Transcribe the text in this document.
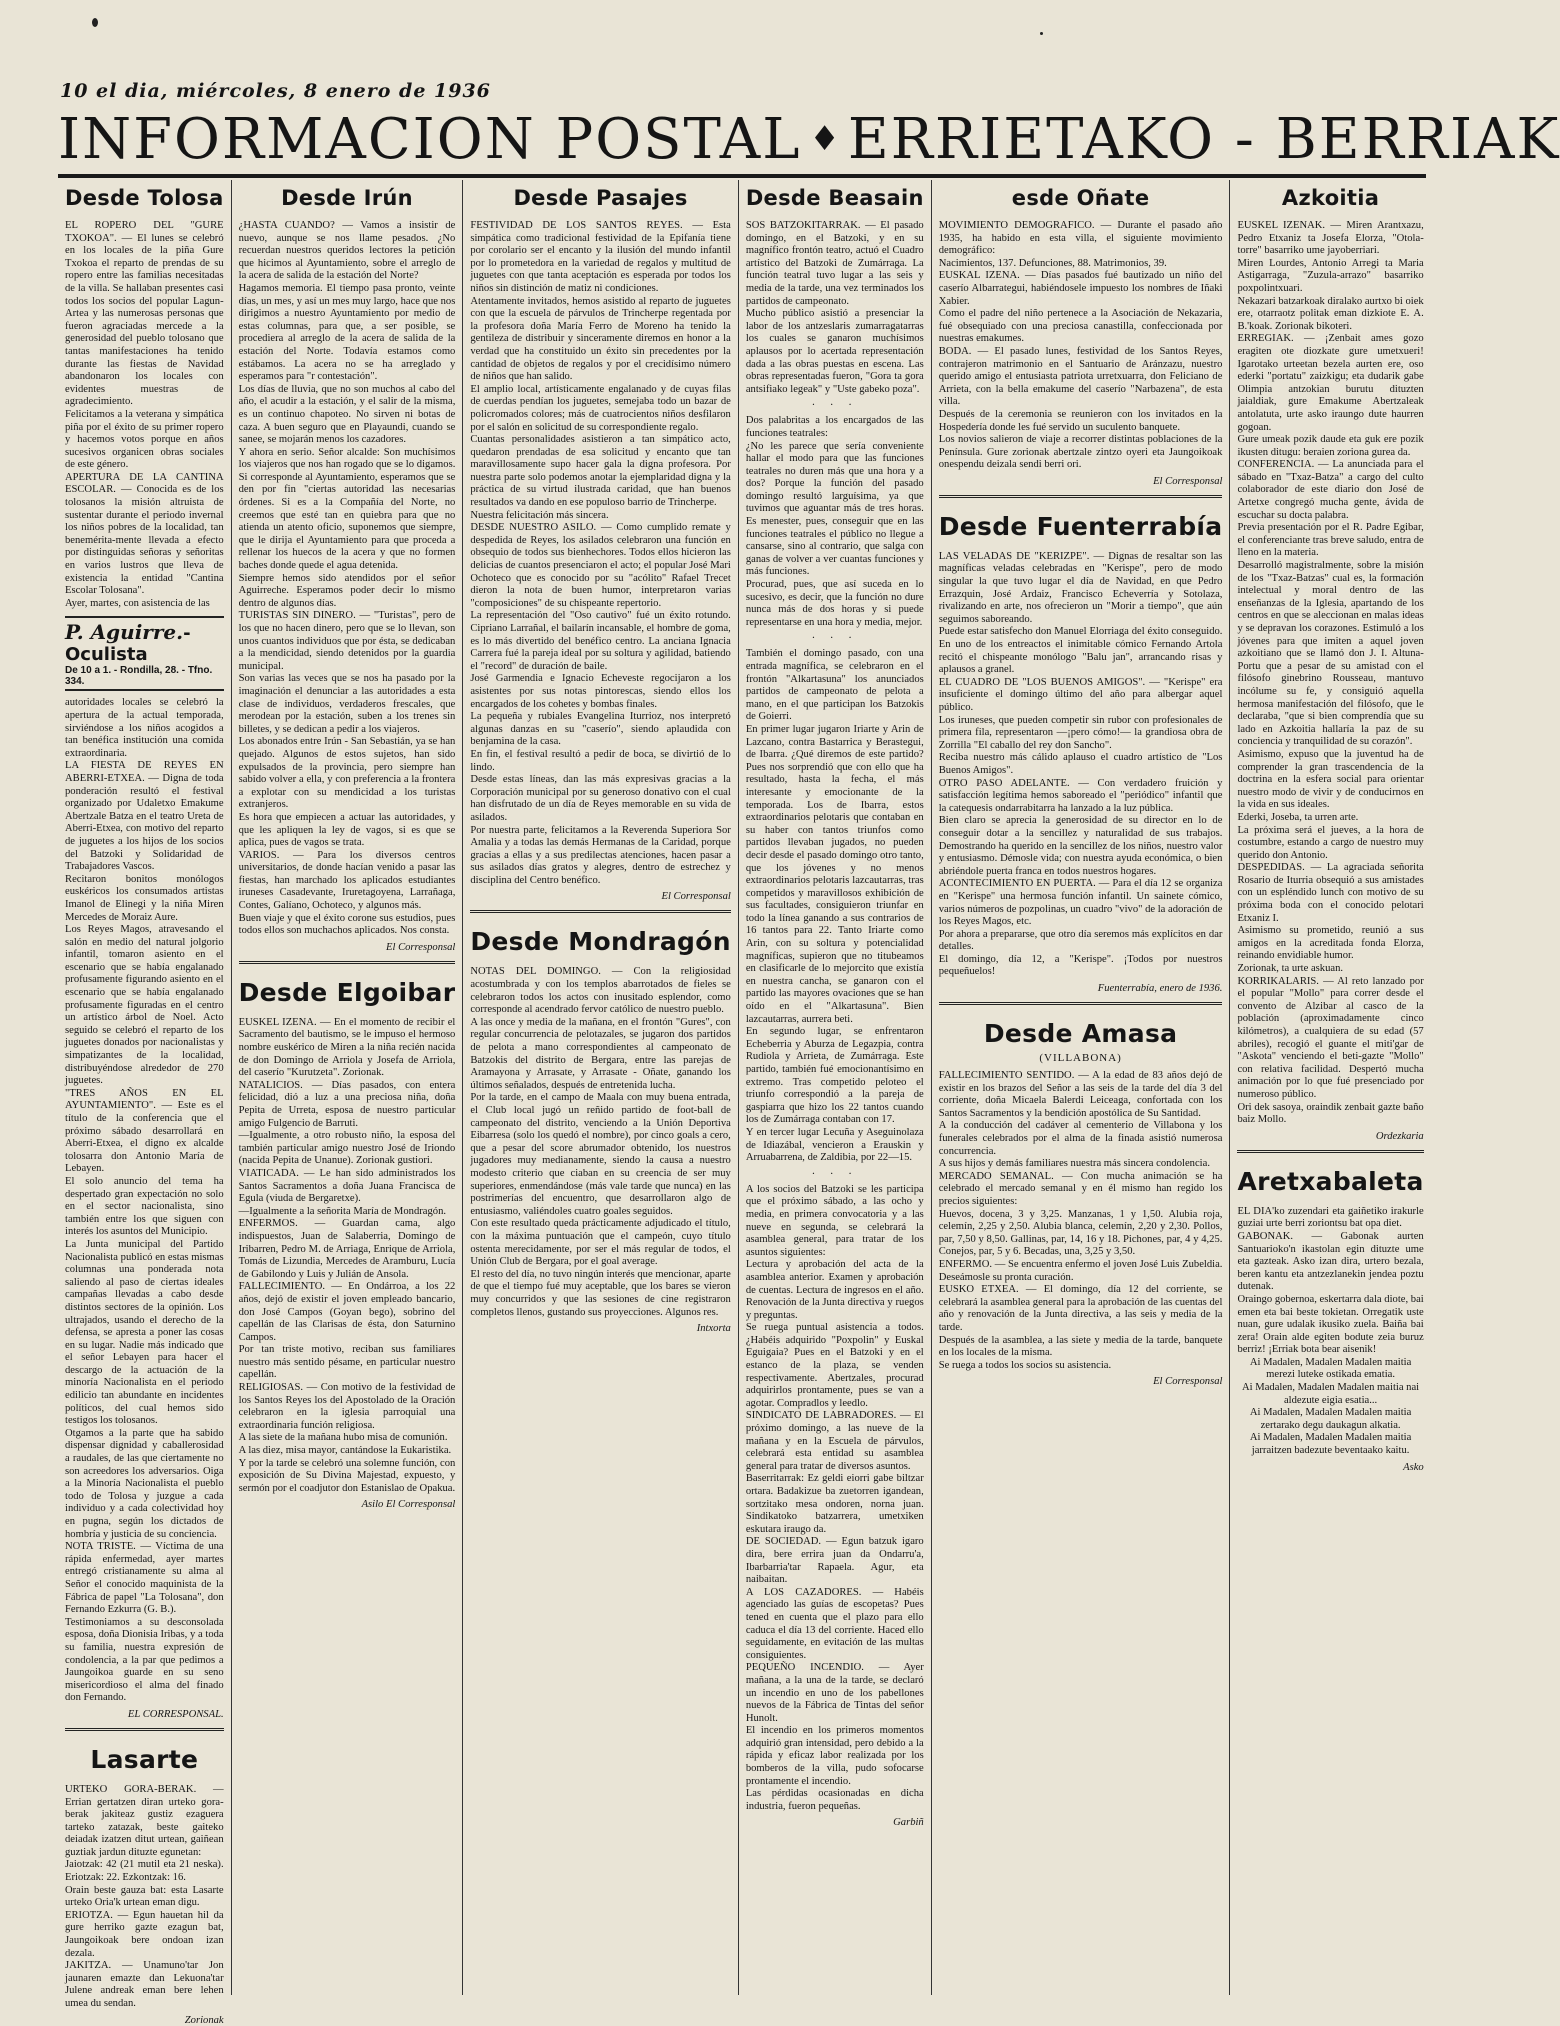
10 el dia, miércoles, 8 enero de 1936
INFORMACION POSTAL ♦ ERRIETAKO - BERRIAK
Desde Tolosa

EL ROPERO DEL "GURE TXOKOA". — El lunes se celebró en los locales de la piña Gure Txokoa el reparto de prendas de su ropero entre las familias necesitadas de la villa. Se hallaban presentes casi todos los socios del popular Lagun-Artea y las numerosas personas que fueron agraciadas mercede a la generosidad del pueblo tolosano que tantas manifestaciones ha tenido durante las fiestas de Navidad abandonaron los locales con evidentes muestras de agradecimiento.

Felicitamos a la veterana y simpática piña por el éxito de su primer ropero y hacemos votos porque en años sucesivos organicen obras sociales de este género.

APERTURA DE LA CANTINA ESCOLAR. — Conocida es de los tolosanos la misión altruista de sustentar durante el periodo invernal los niños pobres de la localidad, tan benemérita-mente llevada a efecto por distinguidas señoras y señoritas en varios lustros que lleva de existencia la entidad "Cantina Escolar Tolosana".

Ayer, martes, con asistencia de las

P. Aguirre.- Oculista
De 10 a 1. - Rondilla, 28. - Tfno. 334.

autoridades locales se celebró la apertura de la actual temporada, sirviéndose a los niños acogidos a tan benéfica institución una comida extraordinaria.

LA FIESTA DE REYES EN ABERRI-ETXEA. — Digna de toda ponderación resultó el festival organizado por Udaletxo Emakume Abertzale Batza en el teatro Ureta de Aberri-Etxea, con motivo del reparto de juguetes a los hijos de los socios del Batzoki y Solidaridad de Trabajadores Vascos.

Recitaron bonitos monólogos euskéricos los consumados artistas Imanol de Elinegi y la niña Miren Mercedes de Moraiz Aure.

Los Reyes Magos, atravesando el salón en medio del natural jolgorio infantil, tomaron asiento en el escenario que se había engalanado profusamente figurando asiento en el escenario que se había engalanado profusamente figuradas en el centro un artístico árbol de Noel. Acto seguido se celebró el reparto de los juguetes donados por nacionalistas y simpatizantes de la localidad, distribuyéndose alrededor de 270 juguetes.

"TRES AÑOS EN EL AYUNTAMIENTO". — Este es el título de la conferencia que el próximo sábado desarrollará en Aberri-Etxea, el digno ex alcalde tolosarra don Antonio María de Lebayen.

El solo anuncio del tema ha despertado gran expectación no solo en el sector nacionalista, sino también entre los que siguen con interés los asuntos del Municipio.

La Junta municipal del Partido Nacionalista publicó en estas mismas columnas una ponderada nota saliendo al paso de ciertas ideales campañas llevadas a cabo desde distintos sectores de la opinión. Los ultrajados, usando el derecho de la defensa, se apresta a poner las cosas en su lugar. Nadie más indicado que el señor Lebayen para hacer el descargo de la actuación de la minoría Nacionalista en el periodo edilicio tan abundante en incidentes políticos, del cual hemos sido testigos los tolosanos.

Otgamos a la parte que ha sabido dispensar dignidad y caballerosidad a raudales, de las que ciertamente no son acreedores los adversarios. Oiga a la Minoría Nacionalista el pueblo todo de Tolosa y juzgue a cada individuo y a cada colectividad hoy en pugna, según los dictados de hombría y justicia de su conciencia.

NOTA TRISTE. — Víctima de una rápida enfermedad, ayer martes entregó cristianamente su alma al Señor el conocido maquinista de la Fábrica de papel "La Tolosana", don Fernando Ezkurra (G. B.).

Testimoniamos a su desconsolada esposa, doña Dionisia Iribas, y a toda su familia, nuestra expresión de condolencia, a la par que pedimos a Jaungoikoa guarde en su seno misericordioso el alma del finado don Fernando.

EL CORRESPONSAL.
Lasarte

URTEKO GORA-BERAK. — Errian gertatzen diran urteko gora-berak jakiteaz gustiz ezaguera tarteko zatazak, beste gaiteko deiadak izatzen ditut urtean, gaiñean guztiak jardun dituzte egunetan:

Jaiotzak: 42 (21 mutil eta 21 neska). Eriotzak: 22. Ezkontzak: 16.

Orain beste gauza bat: esta Lasarte urteko Oria'k urtean eman digu.

ERIOTZA. — Egun hauetan hil da gure herriko gazte ezagun bat, Jaungoikoak bere ondoan izan dezala.

JAKITZA. — Unamuno'tar Jon jaunaren emazte dan Lekuona'tar Julene andreak eman bere lehen umea du sendan.

Zorionak
Desde Irún

¿HASTA CUANDO? — Vamos a insistir de nuevo, aunque se nos llame pesados. ¿No recuerdan nuestros queridos lectores la petición que hicimos al Ayuntamiento, sobre el arreglo de la acera de salida de la estación del Norte?

Hagamos memoria. El tiempo pasa pronto, veinte días, un mes, y así un mes muy largo, hace que nos dirigimos a nuestro Ayuntamiento por medio de estas columnas, para que, a ser posible, se procediera al arreglo de la acera de salida de la estación del Norte. Todavía estamos como estábamos. La acera no se ha arreglado y esperamos para "r contestación".

Los días de lluvia, que no son muchos al cabo del año, el acudir a la estación, y el salir de la misma, es un continuo chapoteo. No sirven ni botas de caza. A buen seguro que en Playaundi, cuando se sanee, se mojarán menos los cazadores.

Y ahora en serio. Señor alcalde: Son muchísimos los viajeros que nos han rogado que se lo digamos. Si corresponde al Ayuntamiento, esperamos que se den por fin "ciertas autoridad las necesarias órdenes. Si es a la Compañía del Norte, no creemos que esté tan en quiebra para que no atienda un atento oficio, suponemos que siempre, que le dirija el Ayuntamiento para que proceda a rellenar los huecos de la acera y que no formen baches donde quede el agua detenida.

Siempre hemos sido atendidos por el señor Aguirreche. Esperamos poder decir lo mismo dentro de algunos días.

TURISTAS SIN DINERO. — "Turistas", pero de los que no hacen dinero, pero que se lo llevan, son unos cuantos individuos que por ésta, se dedicaban a la mendicidad, siendo detenidos por la guardia municipal.

Son varias las veces que se nos ha pasado por la imaginación el denunciar a las autoridades a esta clase de individuos, verdaderos frescales, que merodean por la estación, suben a los trenes sin billetes, y se dedican a pedir a los viajeros.

Los abonados entre Irún - San Sebastián, ya se han quejado. Algunos de estos sujetos, han sido expulsados de la provincia, pero siempre han sabido volver a ella, y con preferencia a la frontera a explotar con su mendicidad a los turistas extranjeros.

Es hora que empiecen a actuar las autoridades, y que les apliquen la ley de vagos, si es que se aplica, pues de vagos se trata.

VARIOS. — Para los diversos centros universitarios, de donde hacían venido a pasar las fiestas, han marchado los aplicados estudiantes iruneses Casadevante, Iruretagoyena, Larrañaga, Contes, Galíano, Ochoteco, y algunos más.

Buen viaje y que el éxito corone sus estudios, pues todos ellos son muchachos aplicados. Nos consta.

El Corresponsal
Desde Elgoibar

EUSKEL IZENA. — En el momento de recibir el Sacramento del bautismo, se le impuso el hermoso nombre euskérico de Miren a la niña recién nacida de don Domingo de Arriola y Josefa de Arriola, del caserío "Kurutzeta". Zorionak.

NATALICIOS. — Días pasados, con entera felicidad, dió a luz a una preciosa niña, doña Pepita de Urreta, esposa de nuestro particular amigo Fulgencio de Barruti.

—Igualmente, a otro robusto niño, la esposa del también particular amigo nuestro José de Iriondo (nacida Pepita de Unanue). Zorionak gustiori.

VIATICADA. — Le han sido administrados los Santos Sacramentos a doña Juana Francisca de Egula (viuda de Bergaretxe).

—Igualmente a la señorita María de Mondragón.

ENFERMOS. — Guardan cama, algo indispuestos, Juan de Salaberria, Domingo de Iribarren, Pedro M. de Arriaga, Enrique de Arriola, Tomás de Lizundia, Mercedes de Aramburu, Lucía de Gabilondo y Luis y Julián de Ansola.

FALLECIMIENTO. — En Ondárroa, a los 22 años, dejó de existir el joven empleado bancario, don José Campos (Goyan bego), sobrino del capellán de las Clarisas de ésta, don Saturnino Campos.

Por tan triste motivo, reciban sus familiares nuestro más sentido pésame, en particular nuestro capellán.

RELIGIOSAS. — Con motivo de la festividad de los Santos Reyes los del Apostolado de la Oración celebraron en la iglesia parroquial una extraordinaria función religiosa.

A las siete de la mañana hubo misa de comunión.

A las diez, misa mayor, cantándose la Eukaristika.

Y por la tarde se celebró una solemne función, con exposición de Su Divina Majestad, expuesto, y sermón por el coadjutor don Estanislao de Opakua.

Asilo El Corresponsal
Desde Pasajes

FESTIVIDAD DE LOS SANTOS REYES. — Esta simpática como tradicional festividad de la Epifanía tiene por corolario ser el encanto y la ilusión del mundo infantil por lo prometedora en la variedad de regalos y multitud de juguetes con que tanta aceptación es esperada por todos los niños sin distinción de matiz ni condiciones.

Atentamente invitados, hemos asistido al reparto de juguetes con que la escuela de párvulos de Trincherpe regentada por la profesora doña María Ferro de Moreno ha tenido la gentileza de distribuir y sinceramente diremos en honor a la verdad que ha constituido un éxito sin precedentes por la cantidad de objetos de regalos y por el crecidísimo número de niños que han salido.

El amplio local, artísticamente engalanado y de cuyas filas de cuerdas pendían los juguetes, semejaba todo un bazar de policromados colores; más de cuatrocientos niños desfilaron por el salón en solicitud de su correspondiente regalo.

Cuantas personalidades asistieron a tan simpático acto, quedaron prendadas de esa solicitud y encanto que tan maravillosamente supo hacer gala la digna profesora. Por nuestra parte solo podemos anotar la ejemplaridad digna y la práctica de su virtud ilustrada caridad, que han buenos resultados va dando en ese populoso barrio de Trincherpe.

Nuestra felicitación más sincera.

DESDE NUESTRO ASILO. — Como cumplido remate y despedida de Reyes, los asilados celebraron una función en obsequio de todos sus bienhechores. Todos ellos hicieron las delicias de cuantos presenciaron el acto; el popular José Mari Ochoteco que es conocido por su "acólito" Rafael Trecet dieron la nota de buen humor, interpretaron varias "composiciones" de su chispeante repertorio.

La representación del "Oso cautivo" fué un éxito rotundo. Cipriano Larrañal, el bailarín incansable, el hombre de goma, es lo más divertido del benéfico centro. La anciana Ignacia Carrera fué la pareja ideal por su soltura y agilidad, batiendo el "record" de duración de baile.

José Garmendia e Ignacio Echeveste regocijaron a los asistentes por sus notas pintorescas, siendo ellos los encargados de los cohetes y bombas finales.

La pequeña y rubiales Evangelina Iturrioz, nos interpretó algunas danzas en su "caserío", siendo aplaudida con benjamina de la casa.

En fin, el festival resultó a pedir de boca, se divirtió de lo lindo.

Desde estas líneas, dan las más expresivas gracias a la Corporación municipal por su generoso donativo con el cual han disfrutado de un día de Reyes memorable en su vida de asilados.

Por nuestra parte, felicitamos a la Reverenda Superiora Sor Amalia y a todas las demás Hermanas de la Caridad, porque gracias a ellas y a sus predilectas atenciones, hacen pasar a sus asilados días gratos y alegres, dentro de estrechez y disciplina del Centro benéfico.

El Corresponsal
Desde Mondragón

NOTAS DEL DOMINGO. — Con la religiosidad acostumbrada y con los templos abarrotados de fieles se celebraron todos los actos con inusitado esplendor, como corresponde al acendrado fervor católico de nuestro pueblo.

A las once y media de la mañana, en el frontón "Gures", con regular concurrencia de pelotazales, se jugaron dos partidos de pelota a mano correspondientes al campeonato de Batzokis del distrito de Bergara, entre las parejas de Aramayona y Arrasate, y Arrasate - Oñate, ganando los últimos señalados, después de entretenida lucha.

Por la tarde, en el campo de Maala con muy buena entrada, el Club local jugó un reñido partido de foot-ball de campeonato del distrito, venciendo a la Unión Deportiva Eibarresa (solo los quedó el nombre), por cinco goals a cero, que a pesar del score abrumador obtenido, los nuestros jugadores muy medianamente, siendo la causa a nuestro modesto criterio que ciaban en su creencia de ser muy superiores, enmendándose (más vale tarde que nunca) en las postrimerías del encuentro, que desarrollaron algo de entusiasmo, valiéndoles cuatro goales seguidos.

Con este resultado queda prácticamente adjudicado el título, con la máxima puntuación que el campeón, cuyo título ostenta merecidamente, por ser el más regular de todos, el Unión Club de Bergara, por el goal average.

El resto del día, no tuvo ningún interés que mencionar, aparte de que el tiempo fué muy aceptable, que los bares se vieron muy concurridos y que las sesiones de cine registraron completos llenos, gustando sus proyecciones. Algunos res.

Intxorta
Desde Beasain

SOS BATZOKITARRAK. — El pasado domingo, en el Batzoki, y en su magnífico frontón teatro, actuó el Cuadro artístico del Batzoki de Zumárraga. La función teatral tuvo lugar a las seis y media de la tarde, una vez terminados los partidos de campeonato.

Mucho público asistió a presenciar la labor de los antzeslaris zumarragatarras los cuales se ganaron muchísimos aplausos por lo acertada representación dada a las obras puestas en escena. Las obras representadas fueron, "Gora ta gora antsifiako legeak" y "Uste gabeko poza".

· · ·

Dos palabritas a los encargados de las funciones teatrales:

¿No les parece que sería conveniente hallar el modo para que las funciones teatrales no duren más que una hora y a dos? Porque la función del pasado domingo resultó larguísima, ya que tuvimos que aguantar más de tres horas. Es menester, pues, conseguir que en las funciones teatrales el público no llegue a cansarse, sino al contrario, que salga con ganas de volver a ver cuantas funciones y más funciones.

Procurad, pues, que así suceda en lo sucesivo, es decir, que la función no dure nunca más de dos horas y si puede representarse en una hora y media, mejor.

· · ·

También el domingo pasado, con una entrada magnífica, se celebraron en el frontón "Alkartasuna" los anunciados partidos de campeonato de pelota a mano, en el que participan los Batzokis de Goierri.

En primer lugar jugaron Iriarte y Arin de Lazcano, contra Bastarrica y Berastegui, de Ibarra. ¿Qué diremos de este partido? Pues nos sorprendió que con ello que ha resultado, hasta la fecha, el más interesante y emocionante de la temporada. Los de Ibarra, estos extraordinarios pelotaris que contaban en su haber con tantos triunfos como partidos llevaban jugados, no pueden decir desde el pasado domingo otro tanto, que los jóvenes y no menos extraordinarios pelotaris lazcautarras, tras competidos y maravillosos exhibición de sus facultades, consiguieron triunfar en todo la línea ganando a sus contrarios de 16 tantos para 22. Tanto Iriarte como Arin, con su soltura y potencialidad magníficas, supieron que no titubeamos en clasificarle de lo mejorcito que existía en nuestra cancha, se ganaron con el partido las mayores ovaciones que se han oído en el "Alkartasuna". Bien lazcautarras, aurrera beti.

En segundo lugar, se enfrentaron Echeberria y Aburza de Legazpia, contra Rudiola y Arrieta, de Zumárraga. Este partido, también fué emocionantísimo en extremo. Tras competido peloteo el triunfo correspondió a la pareja de gaspiarra que hizo los 22 tantos cuando los de Zumárraga contaban con 17.

Y en tercer lugar Lecuña y Aseguinolaza de Idiazábal, vencieron a Erauskin y Arruabarrena, de Zaldibia, por 22—15.

· · ·

A los socios del Batzoki se les participa que el próximo sábado, a las ocho y media, en primera convocatoria y a las nueve en segunda, se celebrará la asamblea general, para tratar de los asuntos siguientes:

Lectura y aprobación del acta de la asamblea anterior. Examen y aprobación de cuentas. Lectura de ingresos en el año. Renovación de la Junta directiva y ruegos y preguntas.

Se ruega puntual asistencia a todos. ¿Habéis adquirido "Poxpolin" y Euskal Eguigaia? Pues en el Batzoki y en el estanco de la plaza, se venden respectivamente. Abertzales, procurad adquirirlos prontamente, pues se van a agotar. Compradlos y leedlo.

SINDICATO DE LABRADORES. — El próximo domingo, a las nueve de la mañana y en la Escuela de párvulos, celebrará esta entidad su asamblea general para tratar de diversos asuntos.

Baserritarrak: Ez geldi eiorri gabe biltzar ortara. Badakizue ba zuetorren igandean, sortzitako mesa ondoren, norna juan. Sindikatoko batzarrera, umetxiken eskutara iraugo da.

DE SOCIEDAD. — Egun batzuk igaro dira, bere errira juan da Ondarru'a, Ibarbarria'tar Rapaela. Agur, eta naibaitan.

A LOS CAZADORES. — Habéis agenciado las guías de escopetas? Pues tened en cuenta que el plazo para ello caduca el día 13 del corriente. Haced ello seguidamente, en evitación de las multas consiguientes.

PEQUEÑO INCENDIO. — Ayer mañana, a la una de la tarde, se declaró un incendio en uno de los pabellones nuevos de la Fábrica de Tintas del señor Hunolt.

El incendio en los primeros momentos adquirió gran intensidad, pero debido a la rápida y eficaz labor realizada por los bomberos de la villa, pudo sofocarse prontamente el incendio.

Las pérdidas ocasionadas en dicha industria, fueron pequeñas.

Garbiñ
esde Oñate

MOVIMIENTO DEMOGRAFICO. — Durante el pasado año 1935, ha habido en esta villa, el siguiente movimiento demográfico:

Nacimientos, 137. Defunciones, 88. Matrimonios, 39.

EUSKAL IZENA. — Días pasados fué bautizado un niño del caserío Albarrategui, habiéndosele impuesto los nombres de Iñaki Xabier.

Como el padre del niño pertenece a la Asociación de Nekazaria, fué obsequiado con una preciosa canastilla, confeccionada por nuestras emakumes.

BODA. — El pasado lunes, festividad de los Santos Reyes, contrajeron matrimonio en el Santuario de Aránzazu, nuestro querido amigo el entusiasta patriota urretxuarra, don Feliciano de Arrieta, con la bella emakume del caserío "Narbazena", de esta villa.

Después de la ceremonia se reunieron con los invitados en la Hospedería donde les fué servido un suculento banquete.

Los novios salieron de viaje a recorrer distintas poblaciones de la Península. Gure zorionak abertzale zintzo oyeri eta Jaungoikoak onespendu deizala sendi berri ori.

El Corresponsal
Desde Fuenterrabía

LAS VELADAS DE "KERIZPE". — Dignas de resaltar son las magníficas veladas celebradas en "Kerispe", pero de modo singular la que tuvo lugar el día de Navidad, en que Pedro Errazquin, José Ardaiz, Francisco Echeverría y Sotolaza, rivalizando en arte, nos ofrecieron un "Morir a tiempo", que aún seguimos saboreando.

Puede estar satisfecho don Manuel Elorriaga del éxito conseguido. En uno de los entreactos el inimitable cómico Fernando Artola recitó el chispeante monólogo "Balu jan", arrancando risas y aplausos a granel.

EL CUADRO DE "LOS BUENOS AMIGOS". — "Kerispe" era insuficiente el domingo último del año para albergar aquel público.

Los iruneses, que pueden competir sin rubor con profesionales de primera fila, representaron —¡pero cómo!— la grandiosa obra de Zorrilla "El caballo del rey don Sancho".

Reciba nuestro más cálido aplauso el cuadro artístico de "Los Buenos Amigos".

OTRO PASO ADELANTE. — Con verdadero fruición y satisfacción legítima hemos saboreado el "periódico" infantil que la catequesis ondarrabitarra ha lanzado a la luz pública.

Bien claro se aprecia la generosidad de su director en lo de conseguir dotar a la sencillez y naturalidad de sus trabajos. Demostrando ha querido en la sencillez de los niños, nuestro valor y entusiasmo. Démosle vida; con nuestra ayuda económica, o bien abriéndole puerta franca en todos nuestros hogares.

ACONTECIMIENTO EN PUERTA. — Para el día 12 se organiza en "Kerispe" una hermosa función infantil. Un sainete cómico, varios números de pozpolinas, un cuadro "vivo" de la adoración de los Reyes Magos, etc.

Por ahora a prepararse, que otro día seremos más explícitos en dar detalles.

El domingo, día 12, a "Kerispe". ¡Todos por nuestros pequeñuelos!

Fuenterrabía, enero de 1936.
Desde Amasa
(VILLABONA)

FALLECIMIENTO SENTIDO. — A la edad de 83 años dejó de existir en los brazos del Señor a las seis de la tarde del día 3 del corriente, doña Micaela Balerdi Leiceaga, confortada con los Santos Sacramentos y la bendición apostólica de Su Santidad.

A la conducción del cadáver al cementerio de Villabona y los funerales celebrados por el alma de la finada asistió numerosa concurrencia.

A sus hijos y demás familiares nuestra más sincera condolencia.

MERCADO SEMANAL. — Con mucha animación se ha celebrado el mercado semanal y en él mismo han regido los precios siguientes:

Huevos, docena, 3 y 3,25. Manzanas, 1 y 1,50. Alubia roja, celemín, 2,25 y 2,50. Alubia blanca, celemín, 2,20 y 2,30. Pollos, par, 7,50 y 8,50. Gallinas, par, 14, 16 y 18. Pichones, par, 4 y 4,25. Conejos, par, 5 y 6. Becadas, una, 3,25 y 3,50.

ENFERMO. — Se encuentra enfermo el joven José Luis Zubeldia. Deseámosle su pronta curación.

EUSKO ETXEA. — El domingo, día 12 del corriente, se celebrará la asamblea general para la aprobación de las cuentas del año y renovación de la Junta directiva, a las seis y media de la tarde.

Después de la asamblea, a las siete y media de la tarde, banquete en los locales de la misma.

Se ruega a todos los socios su asistencia.

El Corresponsal
Azkoitia

EUSKEL IZENAK. — Miren Arantxazu, Pedro Etxaniz ta Josefa Elorza, "Otola-torre" basarriko ume jayoberriari.

Miren Lourdes, Antonio Arregi ta Maria Astigarraga, "Zuzula-arrazo" basarriko poxpolintxuari.

Nekazari batzarkoak diralako aurtxo bi oiek ere, otarraotz politak eman dizkiote E. A. B.'koak. Zorionak bikoteri.

ERREGIAK. — ¡Zenbait ames gozo eragiten ote diozkate gure umetxueri! Igarotako urteetan bezela aurten ere, oso ederki "portatu" zaizkigu; eta dudarik gabe Olimpia antzokian burutu dituzten jaialdiak, gure Emakume Abertzaleak antolatuta, urte asko iraungo dute haurren gogoan.

Gure umeak pozik daude eta guk ere pozik ikusten ditugu: beraien zoriona gurea da.

CONFERENCIA. — La anunciada para el sábado en "Txaz-Batza" a cargo del culto colaborador de este diario don José de Artetxe congregó mucha gente, ávida de escuchar su docta palabra.

Previa presentación por el R. Padre Egibar, el conferenciante tras breve saludo, entra de lleno en la materia.

Desarrolló magistralmente, sobre la misión de los "Txaz-Batzas" cual es, la formación intelectual y moral dentro de las enseñanzas de la Iglesia, apartando de los centros en que se aleccionan en malas ideas y se depravan los corazones. Estimuló a los jóvenes para que imiten a aquel joven azkoitiano que se llamó don J. I. Altuna-Portu que a pesar de su amistad con el filósofo ginebrino Rousseau, mantuvo incólume su fe, y consiguió aquella hermosa manifestación del filósofo, que le declaraba, "que si bien comprendía que su lado en Azkoitia hallaría la paz de su conciencia y tranquilidad de su corazón".

Asimismo, expuso que la juventud ha de comprender la gran trascendencia de la doctrina en la esfera social para orientar nuestro modo de vivir y de conducirnos en la vida en sus ideales.

Ederki, Joseba, ta urren arte.

La próxima será el jueves, a la hora de costumbre, estando a cargo de nuestro muy querido don Antonio.

DESPEDIDAS. — La agraciada señorita Rosario de Iturria obsequió a sus amistades con un espléndido lunch con motivo de su próxima boda con el conocido pelotari Etxaniz I.

Asimismo su prometido, reunió a sus amigos en la acreditada fonda Elorza, reinando envidiable humor.

Zorionak, ta urte askuan.

KORRIKALARIS. — Al reto lanzado por el popular "Mollo" para correr desde el convento de Alzibar al casco de la población (aproximadamente cinco kilómetros), a cualquiera de su edad (57 abriles), recogió el guante el miti'gar de "Askota" venciendo el beti-gazte "Mollo" con relativa facilidad. Despertó mucha animación por lo que fué presenciado por numeroso público.

Ori dek sasoya, oraindik zenbait gazte baño baiz Mollo.

Ordezkaria
Aretxabaleta

EL DIA'ko zuzendari eta gaiñetiko irakurle guziai urte berri zoriontsu bat opa diet.

GABONAK. — Gabonak aurten Santuarioko'n ikastolan egin dituzte ume eta gazteak. Asko izan dira, urtero bezala, beren kantu eta antzezlanekin jendea poztu dutenak.

Oraingo gobernoa, eskertarra dala diote, bai emen eta bai beste tokietan. Orregatik uste nuan, gure udalak ikusiko zuela. Baiña bai zera! Orain alde egiten bodute zeia buruz berriz! ¡Erriak bota bear aisenik!

Ai Madalen, Madalen Madalen maitia merezi luteke ostikada ematia.

Ai Madalen, Madalen Madalen maitia nai aldezute eigia esatia...

Ai Madalen, Madalen Madalen maitia zertarako degu daukagun alkatia.

Ai Madalen, Madalen Madalen maitia jarraitzen badezute beventaako kaitu.

Asko
